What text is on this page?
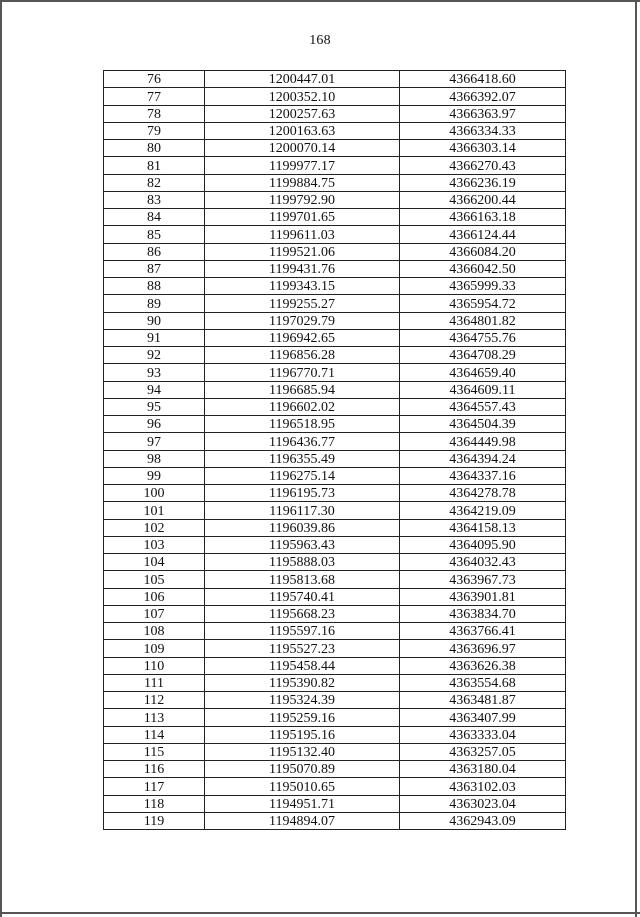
168
76	1200447.01	4366418.60
77	1200352.10	4366392.07
78	1200257.63	4366363.97
79	1200163.63	4366334.33
80	1200070.14	4366303.14
81	1199977.17	4366270.43
82	1199884.75	4366236.19
83	1199792.90	4366200.44
84	1199701.65	4366163.18
85	1199611.03	4366124.44
86	1199521.06	4366084.20
87	1199431.76	4366042.50
88	1199343.15	4365999.33
89	1199255.27	4365954.72
90	1197029.79	4364801.82
91	1196942.65	4364755.76
92	1196856.28	4364708.29
93	1196770.71	4364659.40
94	1196685.94	4364609.11
95	1196602.02	4364557.43
96	1196518.95	4364504.39
97	1196436.77	4364449.98
98	1196355.49	4364394.24
99	1196275.14	4364337.16
100	1196195.73	4364278.78
101	1196117.30	4364219.09
102	1196039.86	4364158.13
103	1195963.43	4364095.90
104	1195888.03	4364032.43
105	1195813.68	4363967.73
106	1195740.41	4363901.81
107	1195668.23	4363834.70
108	1195597.16	4363766.41
109	1195527.23	4363696.97
110	1195458.44	4363626.38
111	1195390.82	4363554.68
112	1195324.39	4363481.87
113	1195259.16	4363407.99
114	1195195.16	4363333.04
115	1195132.40	4363257.05
116	1195070.89	4363180.04
117	1195010.65	4363102.03
118	1194951.71	4363023.04
119	1194894.07	4362943.09
